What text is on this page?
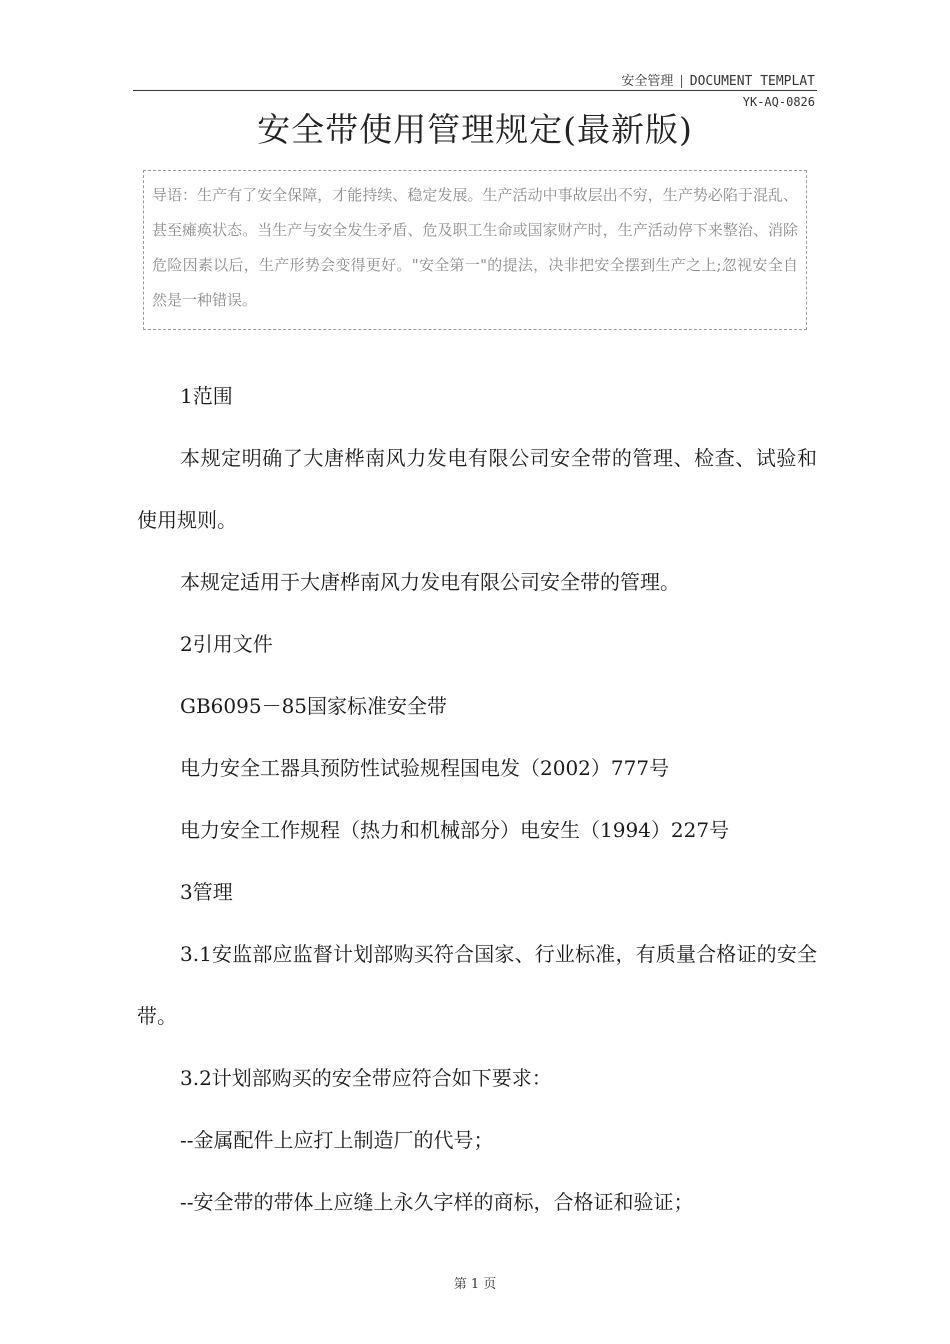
安全管理 | DOCUMENT TEMPLAT
YK-AQ-0826
安全带使用管理规定(最新版)
导语：生产有了安全保障，才能持续、稳定发展。生产活动中事故层出不穷，生产势必陷于混乱、甚至瘫痪状态。当生产与安全发生矛盾、危及职工生命或国家财产时，生产活动停下来整治、消除危险因素以后，生产形势会变得更好。"安全第一"的提法，决非把安全摆到生产之上;忽视安全自然是一种错误。

1范围

本规定明确了大唐桦南风力发电有限公司安全带的管理、检查、试验和使用规则。

本规定适用于大唐桦南风力发电有限公司安全带的管理。

2引用文件

GB6095－85国家标准安全带

电力安全工器具预防性试验规程国电发（2002）777号

电力安全工作规程（热力和机械部分）电安生（1994）227号

3管理

3.1安监部应监督计划部购买符合国家、行业标准，有质量合格证的安全带。

3.2计划部购买的安全带应符合如下要求：

--金属配件上应打上制造厂的代号；

--安全带的带体上应缝上永久字样的商标，合格证和验证；

第 1 页
